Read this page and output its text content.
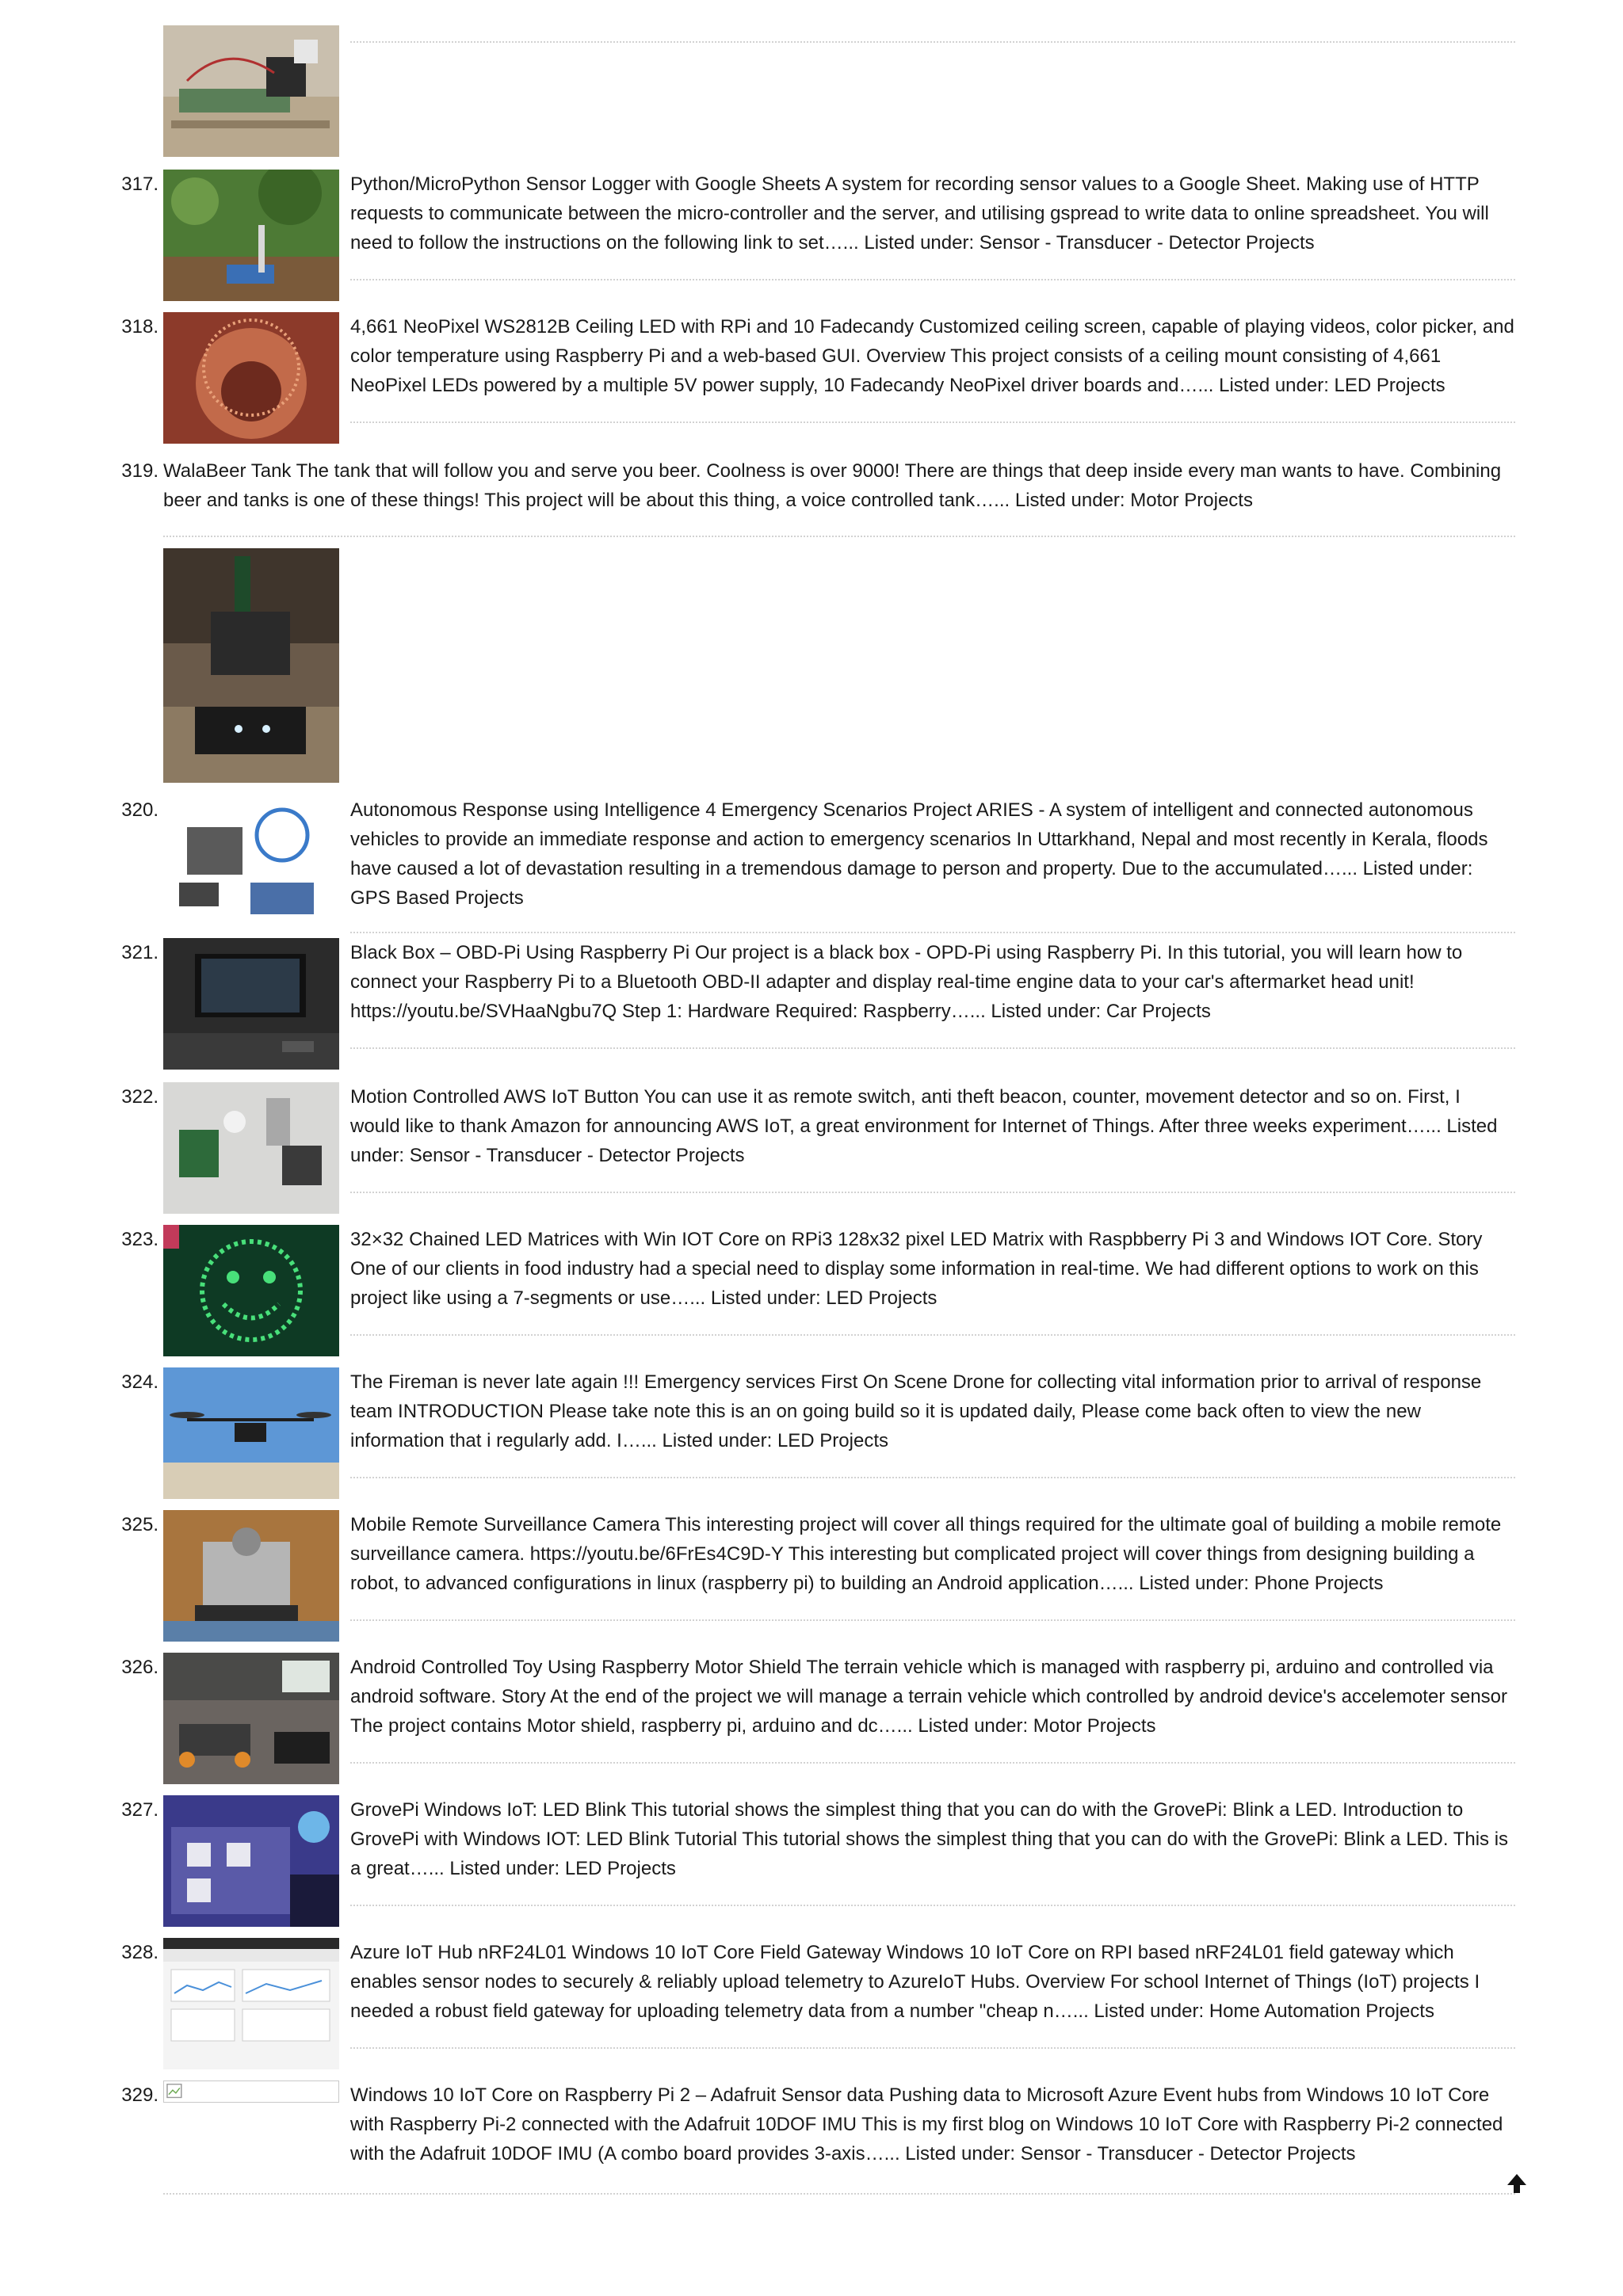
317.	Python/MicroPython Sensor Logger with Google Sheets A system for recording sensor values to a Google Sheet. Making use of HTTP requests to communicate between the micro-controller and the server, and utilising gspread to write data to online spreadsheet. You will need to follow the instructions on the following link to set…... Listed under: Sensor - Transducer - Detector Projects
318.	4,661 NeoPixel WS2812B Ceiling LED with RPi and 10 Fadecandy Customized ceiling screen, capable of playing videos, color picker, and color temperature using Raspberry Pi and a web-based GUI. Overview This project consists of a ceiling mount consisting of 4,661 NeoPixel LEDs powered by a multiple 5V power supply, 10 Fadecandy NeoPixel driver boards and…... Listed under: LED Projects
319. WalaBeer Tank The tank that will follow you and serve you beer. Coolness is over 9000! There are things that deep inside every man wants to have. Combining beer and tanks is one of these things! This project will be about this thing, a voice controlled tank…... Listed under: Motor Projects
320.	Autonomous Response using Intelligence 4 Emergency Scenarios Project ARIES - A system of intelligent and connected autonomous vehicles to provide an immediate response and action to emergency scenarios In Uttarkhand, Nepal and most recently in Kerala, floods have caused a lot of devastation resulting in a tremendous damage to person and property. Due to the accumulated…... Listed under: GPS Based Projects
321.	Black Box – OBD-Pi Using Raspberry Pi Our project is a black box - OPD-Pi using Raspberry Pi. In this tutorial, you will learn how to connect your Raspberry Pi to a Bluetooth OBD-II adapter and display real-time engine data to your car's aftermarket head unit! https://youtu.be/SVHaaNgbu7Q Step 1: Hardware Required: Raspberry…... Listed under: Car Projects
322.	Motion Controlled AWS IoT Button You can use it as remote switch, anti theft beacon, counter, movement detector and so on. First, I would like to thank Amazon for announcing AWS IoT, a great environment for Internet of Things. After three weeks experiment…... Listed under: Sensor - Transducer - Detector Projects
323.	32×32 Chained LED Matrices with Win IOT Core on RPi3 128x32 pixel LED Matrix with Raspbberry Pi 3 and Windows IOT Core. Story One of our clients in food industry had a special need to display some information in real-time. We had different options to work on this project like using a 7-segments or use…... Listed under: LED Projects
324.	The Fireman is never late again !!! Emergency services First On Scene Drone for collecting vital information prior to arrival of response team INTRODUCTION Please take note this is an on going build so it is updated daily, Please come back often to view the new information that i regularly add. I…... Listed under: LED Projects
325.	Mobile Remote Surveillance Camera This interesting project will cover all things required for the ultimate goal of building a mobile remote surveillance camera. https://youtu.be/6FrEs4C9D-Y This interesting but complicated project will cover things from designing building a robot, to advanced configurations in linux (raspberry pi) to building an Android application…... Listed under: Phone Projects
326.	Android Controlled Toy Using Raspberry Motor Shield The terrain vehicle which is managed with raspberry pi, arduino and controlled via android software. Story At the end of the project we will manage a terrain vehicle which controlled by android device's accelemoter sensor The project contains Motor shield, raspberry pi, arduino and dc…... Listed under: Motor Projects
327.	GrovePi Windows IoT: LED Blink This tutorial shows the simplest thing that you can do with the GrovePi: Blink a LED. Introduction to GrovePi with Windows IOT: LED Blink Tutorial This tutorial shows the simplest thing that you can do with the GrovePi: Blink a LED. This is a great…... Listed under: LED Projects
328.	Azure IoT Hub nRF24L01 Windows 10 IoT Core Field Gateway Windows 10 IoT Core on RPI based nRF24L01 field gateway which enables sensor nodes to securely & reliably upload telemetry to AzureIoT Hubs. Overview For school Internet of Things (IoT) projects I needed a robust field gateway for uploading telemetry data from a number "cheap n…... Listed under: Home Automation Projects
329.	Windows 10 IoT Core on Raspberry Pi 2 – Adafruit Sensor data Pushing data to Microsoft Azure Event hubs from Windows 10 IoT Core with Raspberry Pi-2 connected with the Adafruit 10DOF IMU This is my first blog on Windows 10 IoT Core with Raspberry Pi-2 connected with the Adafruit 10DOF IMU (A combo board provides 3-axis…... Listed under: Sensor - Transducer - Detector Projects
